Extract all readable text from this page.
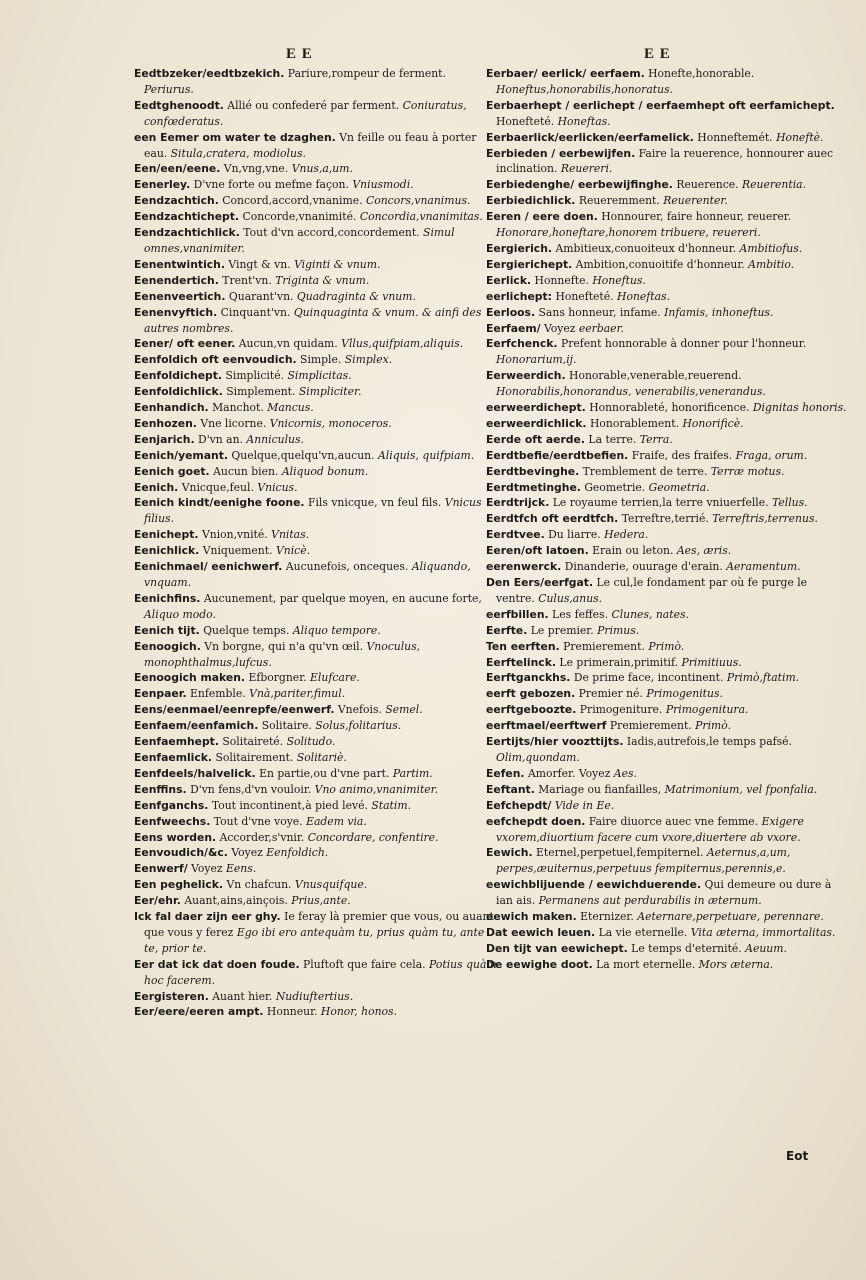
E E	E E

Eedtbzeker/eedtbzekich. Pariure,rompeur de ferment. Periurus.

Eedtghenoodt. Allié ou confederé par ferment. Coniuratus, confœderatus.

een Eemer om water te dzaghen. Vn feille ou feau à porter eau. Situla,cratera, modiolus.

Een/een/eene. Vn,vng,vne. Vnus,a,um.

Eenerley. D'vne forte ou mefme façon. Vniusmodi.

Eendzachtich. Concord,accord,vnanime. Concors,vnanimus.

Eendzachtichept. Concorde,vnanimité. Concordia,vnanimitas.

Eendzachtichlick. Tout d'vn accord,concordement. Simul omnes,vnanimiter.

Eenentwintich. Vingt & vn. Viginti & vnum.

Eenendertich. Trent'vn. Triginta & vnum.

Eenenveertich. Quarant'vn. Quadraginta & vnum.

Eenenvyftich. Cinquant'vn. Quinquaginta & vnum. & ainfi des autres nombres.

Eener/ oft eener. Aucun,vn quidam. Vllus,quifpiam,aliquis.

Eenfoldich oft eenvoudich. Simple. Simplex.

Eenfoldichept. Simplicité. Simplicitas.

Eenfoldichlick. Simplement. Simpliciter.

Eenhandich. Manchot. Mancus.

Eenhozen. Vne licorne. Vnicornis, monoceros.

Eenjarich. D'vn an. Anniculus.

Eenich/yemant. Quelque,quelqu'vn,aucun. Aliquis, quifpiam.

Eenich goet. Aucun bien. Aliquod bonum.

Eenich. Vnicque,feul. Vnicus.

Eenich kindt/eenighe foone. Fils vnicque, vn feul fils. Vnicus filius.

Eenichept. Vnion,vnité. Vnitas.

Eenichlick. Vniquement. Vnicè.

Eenichmael/ eenichwerf. Aucunefois, onceques. Aliquando, vnquam.

Eenichfins. Aucunement, par quelque moyen, en aucune forte, Aliquo modo.

Eenich tijt. Quelque temps. Aliquo tempore.

Eenoogich. Vn borgne, qui n'a qu'vn œil. Vnoculus, monophthalmus,lufcus.

Eenoogich maken. Efborgner. Elufcare.

Eenpaer. Enfemble. Vnà,pariter,fimul.

Eens/eenmael/eenrepfe/eenwerf. Vnefois. Semel.

Eenfaem/eenfamich. Solitaire. Solus,folitarius.

Eenfaemhept. Solitaireté. Solitudo.

Eenfaemlick. Solitairement. Solitariè.

Eenfdeels/halvelick. En partie,ou d'vne part. Partim.

Eenffins. D'vn fens,d'vn vouloir. Vno animo,vnanimiter.

Eenfganchs. Tout incontinent,à pied levé. Statim.

Eenfweechs. Tout d'vne voye. Eadem via.

Eens worden. Accorder,s'vnir. Concordare, confentire.

Eenvoudich/&c. Voyez Eenfoldich.

Eenwerf/ Voyez Eens.

Een peghelick. Vn chafcun. Vnusquifque.

Eer/ehr. Auant,ains,ainçois. Prius,ante.

Ick fal daer zijn eer ghy. Ie feray là premier que vous, ou auant que vous y ferez Ego ibi ero antequàm tu, prius quàm tu, ante te, prior te.

Eer dat ick dat doen foude. Pluftoft que faire cela. Potius quàm hoc facerem.

Eergisteren. Auant hier. Nudiuftertius.

Eer/eere/eeren ampt. Honneur. Honor, honos.

Eerbaer/ eerlick/ eerfaem. Honefte,honorable. Honeftus,honorabilis,honoratus.

Eerbaerhept / eerlichept / eerfaemhept oft eerfamichept. Honefteté. Honeftas.

Eerbaerlick/eerlicken/eerfamelick. Honneftemét. Honeftè.

Eerbieden / eerbewijfen. Faire la reuerence, honnourer auec inclination. Reuereri.

Eerbiedenghe/ eerbewijfinghe. Reuerence. Reuerentia.

Eerbiedichlick. Reueremment. Reuerenter.

Eeren / eere doen. Honnourer, faire honneur, reuerer. Honorare,honeftare,honorem tribuere, reuereri.

Eergierich. Ambitieux,conuoiteux d'honneur. Ambitiofus.

Eergierichept. Ambition,conuoitife d'honneur. Ambitio.

Eerlick. Honnefte. Honeftus.

eerlichept: Honefteté. Honeftas.

Eerloos. Sans honneur, infame. Infamis, inhoneftus.

Eerfaem/ Voyez eerbaer.

Eerfchenck. Prefent honnorable à donner pour l'honneur. Honorarium,ij.

Eerweerdich. Honorable,venerable,reuerend. Honorabilis,honorandus, venerabilis,venerandus.

eerweerdichept. Honnorableté, honorificence. Dignitas honoris.

eerweerdichlick. Honorablement. Honorificè.

Eerde oft aerde. La terre. Terra.

Eerdtbefie/eerdtbefien. Fraife, des fraifes. Fraga, orum.

Eerdtbevinghe. Tremblement de terre. Terræ motus.

Eerdtmetinghe. Geometrie. Geometria.

Eerdtrijck. Le royaume terrien,la terre vniuerfelle. Tellus.

Eerdtfch oft eerdtfch. Terreftre,terrié. Terreftris,terrenus.

Eerdtvee. Du liarre. Hedera.

Eeren/oft latoen. Erain ou leton. Aes, æris.

eerenwerck. Dinanderie, ouurage d'erain. Aeramentum.

Den Eers/eerfgat. Le cul,le fondament par où fe purge le ventre. Culus,anus.

eerfbillen. Les feffes. Clunes, nates.

Eerfte. Le premier. Primus.

Ten eerften. Premierement. Primò.

Eerftelinck. Le primerain,primitif. Primitiuus.

Eerftganckhs. De prime face, incontinent. Primò,ftatim.

eerft gebozen. Premier né. Primogenitus.

eerftgeboozte. Primogeniture. Primogenitura.

eerftmael/eerftwerf Premierement. Primò.

Eertijts/hier voozttijts. Iadis,autrefois,le temps pafsé. Olim,quondam.

Eefen. Amorfer. Voyez Aes.

Eeftant. Mariage ou fianfailles, Matrimonium, vel fponfalia.

Eefchepdt/ Vide in Ee.

eefchepdt doen. Faire diuorce auec vne femme. Exigere vxorem,diuortium facere cum vxore,diuertere ab vxore.

Eewich. Eternel,perpetuel,fempiternel. Aeternus,a,um, perpes,æuiternus,perpetuus fempiternus,perennis,e.

eewichblijuende / eewichduerende. Qui demeure ou dure à ian ais. Permanens aut perdurabilis in æternum.

eewich maken. Eternizer. Aeternare,perpetuare, perennare.

Dat eewich leuen. La vie eternelle. Vita æterna, immortalitas.

Den tijt van eewichept. Le temps d'eternité. Aeuum.

De eewighe doot. La mort eternelle. Mors æterna.

Eot
